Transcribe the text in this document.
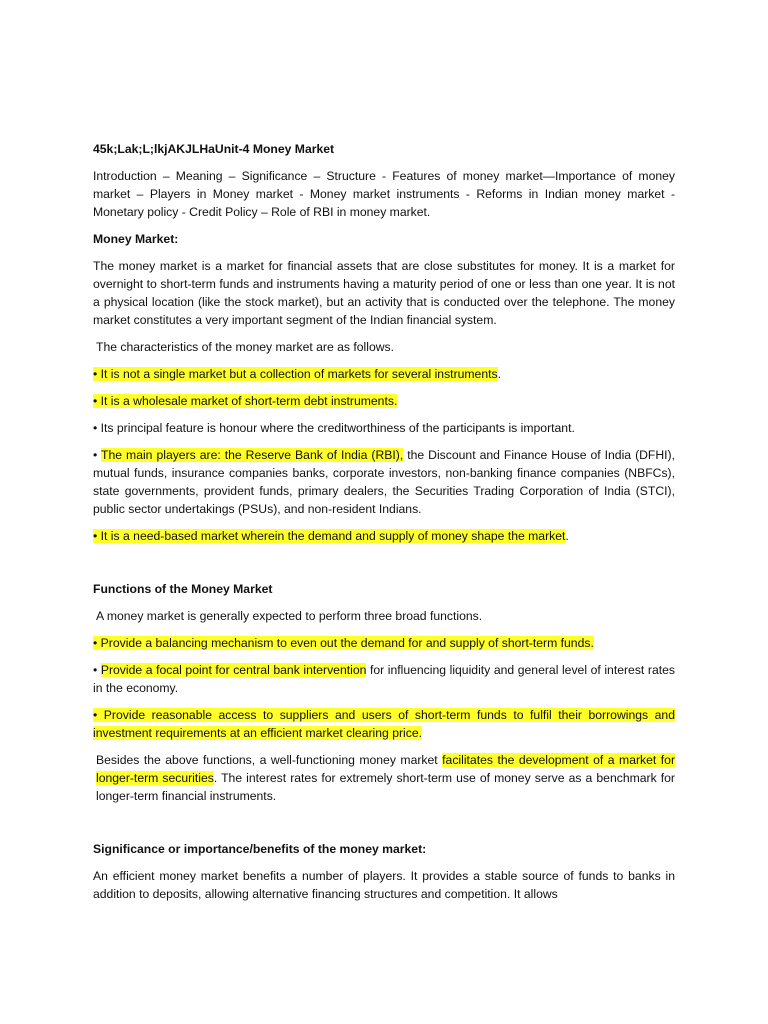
45k;Lak;L;lkjAKJLHaUnit-4 Money Market

Introduction – Meaning – Significance – Structure - Features of money market—Importance of money market – Players in Money market - Money market instruments - Reforms in Indian money market - Monetary policy - Credit Policy – Role of RBI in money market.

Money Market:

The money market is a market for financial assets that are close substitutes for money. It is a market for overnight to short-term funds and instruments having a maturity period of one or less than one year. It is not a physical location (like the stock market), but an activity that is conducted over the telephone. The money market constitutes a very important segment of the Indian financial system.

The characteristics of the money market are as follows.

• It is not a single market but a collection of markets for several instruments.

• It is a wholesale market of short-term debt instruments.

• Its principal feature is honour where the creditworthiness of the participants is important.

• The main players are: the Reserve Bank of India (RBI), the Discount and Finance House of India (DFHI), mutual funds, insurance companies banks, corporate investors, non-banking finance companies (NBFCs), state governments, provident funds, primary dealers, the Securities Trading Corporation of India (STCI), public sector undertakings (PSUs), and non-resident Indians.

• It is a need-based market wherein the demand and supply of money shape the market.

Functions of the Money Market

A money market is generally expected to perform three broad functions.

• Provide a balancing mechanism to even out the demand for and supply of short-term funds.

• Provide a focal point for central bank intervention for influencing liquidity and general level of interest rates in the economy.

• Provide reasonable access to suppliers and users of short-term funds to fulfil their borrowings and investment requirements at an efficient market clearing price.

Besides the above functions, a well-functioning money market facilitates the development of a market for longer-term securities. The interest rates for extremely short-term use of money serve as a benchmark for longer-term financial instruments.

Significance or importance/benefits of the money market:

An efficient money market benefits a number of players. It provides a stable source of funds to banks in addition to deposits, allowing alternative financing structures and competition. It allows
